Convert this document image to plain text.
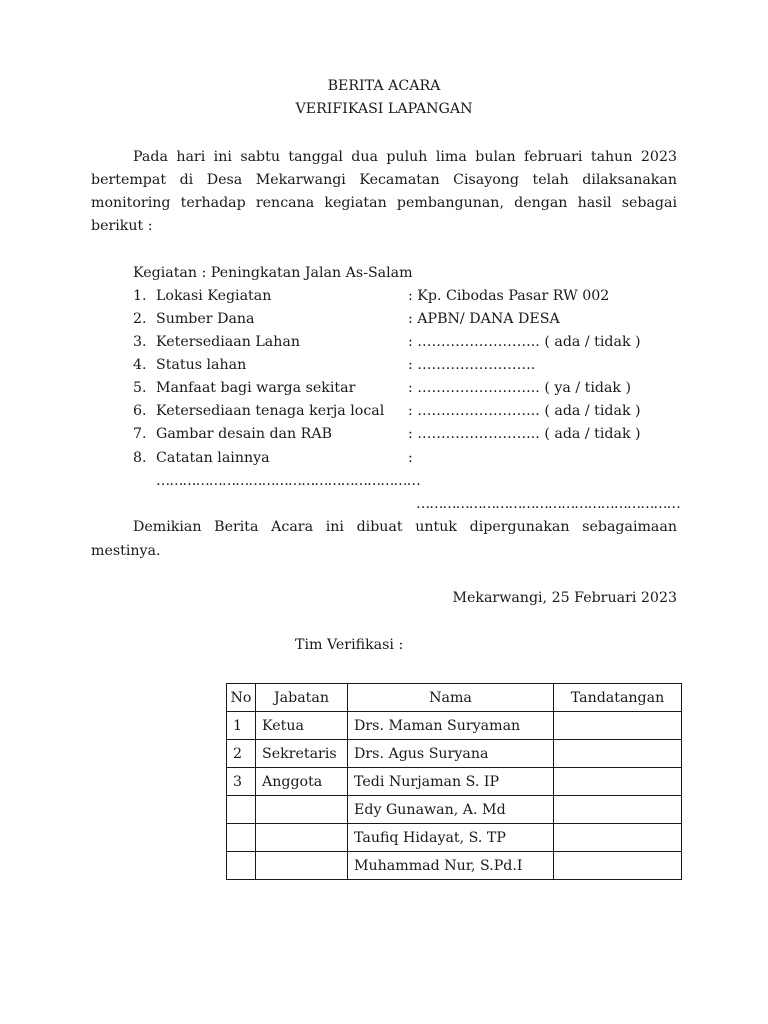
BERITA ACARA
VERIFIKASI LAPANGAN
Pada hari ini sabtu tanggal dua puluh lima bulan februari tahun 2023
bertempat di Desa Mekarwangi Kecamatan Cisayong telah dilaksanakan
monitoring terhadap rencana kegiatan pembangunan, dengan hasil sebagai
berikut :
Kegiatan : Peningkatan Jalan As-Salam
1. Lokasi Kegiatan	: Kp. Cibodas Pasar RW 002
2. Sumber Dana	: APBN/ DANA DESA
3. Ketersediaan Lahan	: …………………….. ( ada / tidak )
4. Status lahan	: …………………….
5. Manfaat bagi warga sekitar	: …………………….. ( ya / tidak )
6. Ketersediaan tenaga kerja local : …………………….. ( ada / tidak )
7. Gambar desain dan RAB	: …………………….. ( ada / tidak )
8. Catatan lainnya	:
……………………………………………………
……………………………………………………
Demikian Berita Acara ini dibuat untuk dipergunakan sebagaimaan
mestinya.
Mekarwangi, 25 Februari 2023
Tim Verifikasi :
No	Jabatan	Nama	Tandatangan
1	Ketua	Drs. Maman Suryaman	
2	Sekretaris	Drs. Agus Suryana	
3	Anggota	Tedi Nurjaman S. IP	
		Edy Gunawan, A. Md	
		Taufiq Hidayat, S. TP	
		Muhammad Nur, S.Pd.I	
